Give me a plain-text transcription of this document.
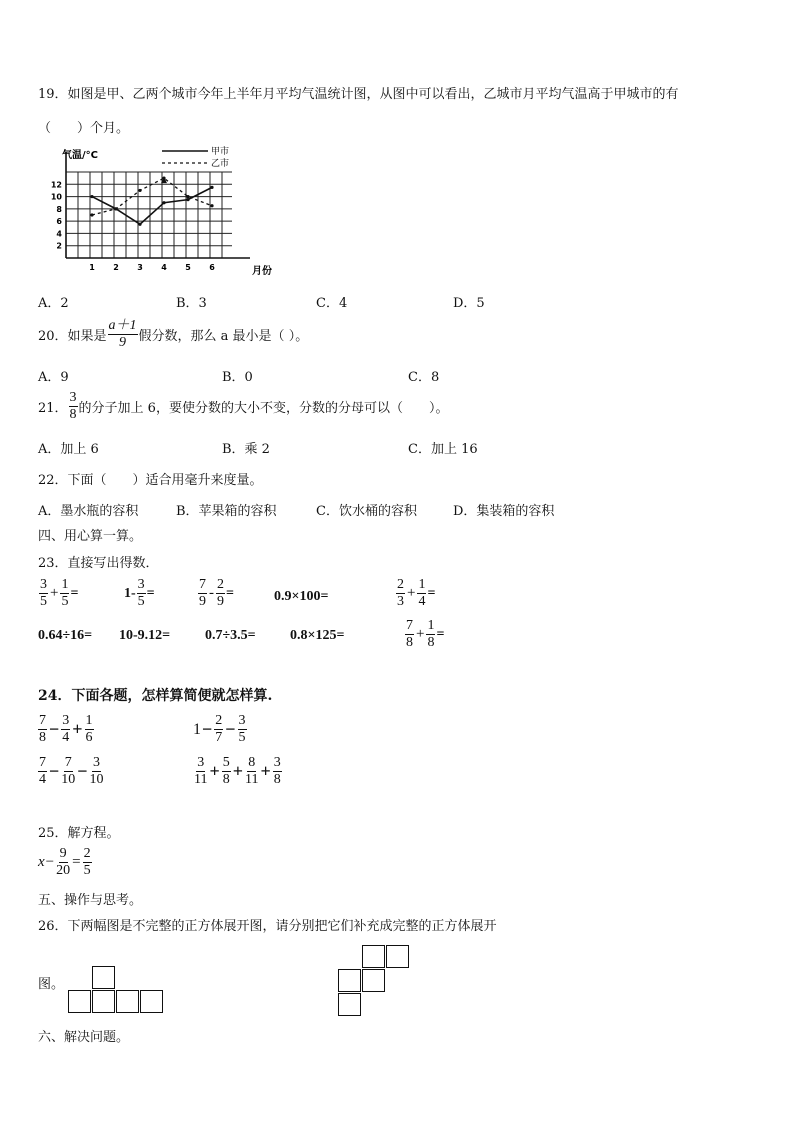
19．如图是甲、乙两个城市今年上半年月平均气温统计图，从图中可以看出，乙城市月平均气温高于甲城市的有
（　　）个月。
2
4
6
8
10
12
1 2 3 4 5 6
气温/°C
月份
甲市
乙市
A．2	B．3	C．4	D．5
20．如果是 $\frac{a+1}{9}$ 假分数，那么 a 最小是（ ）。
A．9	B．0	C．8
21． $\frac{3}{8}$ 的分子加上 6，要使分数的大小不变，分数的分母可以（　　）。
A．加上 6	B．乘 2	C．加上 16
22．下面（　　）适合用毫升来度量。
A．墨水瓶的容积	B．苹果箱的容积	C．饮水桶的容积	D．集装箱的容积
四、用心算一算。
23．直接写出得数．
$\frac{3}{5} + \frac{1}{5}$ =	$1- \frac{3}{5}$ =	$\frac{7}{9} - \frac{2}{9}$ =	0.9×100=	$\frac{2}{3} + \frac{1}{4}$ =
0.64÷16= 10-9.12= 0.7÷3.5= 0.8×125=	$\frac{7}{8} + \frac{1}{8}$ =
24．下面各题，怎样算简便就怎样算.
$\frac{7}{8} - \frac{3}{4} + \frac{1}{6}$	$1 - \frac{2}{7} - \frac{3}{5}$
$\frac{7}{4} - \frac{7}{10} - \frac{3}{10}$	$\frac{3}{11} + \frac{5}{8} + \frac{8}{11} + \frac{3}{8}$
25．解方程。
$x - \frac{9}{20} = \frac{2}{5}$
五、操作与思考。
26．下两幅图是不完整的正方体展开图，请分别把它们补充成完整的正方体展开
图。
六、解决问题。
